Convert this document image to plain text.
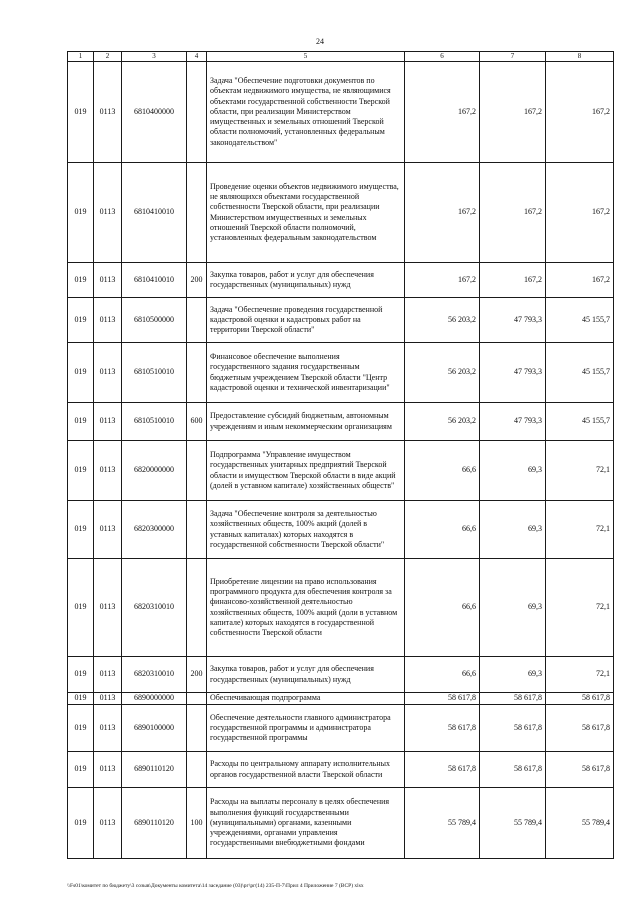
24
1	2	3	4	5	6	7	8
019	0113	6810400000		Задача "Обеспечение подготовки документов по объектам недвижимого имущества, не являющимися объектами государственной собственности Тверской области, при реализации Министерством имущественных и земельных отношений Тверской области полномочий, установленных федеральным законодательством"	167,2	167,2	167,2
019	0113	6810410010		Проведение оценки объектов недвижимого имущества, не являющихся объектами государственной собственности Тверской области, при реализации Министерством имущественных и земельных отношений Тверской области полномочий, установленных федеральным законодательством	167,2	167,2	167,2
019	0113	6810410010	200	Закупка товаров, работ и услуг для обеспечения государственных (муниципальных) нужд	167,2	167,2	167,2
019	0113	6810500000		Задача "Обеспечение проведения государственной кадастровой оценки и кадастровых работ на территории Тверской области"	56 203,2	47 793,3	45 155,7
019	0113	6810510010		Финансовое обеспечение выполнения государственного задания государственным бюджетным учреждением Тверской области "Центр кадастровой оценки и технической инвентаризации"	56 203,2	47 793,3	45 155,7
019	0113	6810510010	600	Предоставление субсидий бюджетным, автономным учреждениям и иным некоммерческим организациям	56 203,2	47 793,3	45 155,7
019	0113	6820000000		Подпрограмма "Управление имуществом государственных унитарных предприятий Тверской области и имуществом Тверской области в виде акций (долей в уставном капитале) хозяйственных обществ"	66,6	69,3	72,1
019	0113	6820300000		Задача "Обеспечение контроля за деятельностью хозяйственных обществ, 100% акций (долей в уставных капиталах) которых находятся в государственной собственности Тверской области"	66,6	69,3	72,1
019	0113	6820310010		Приобретение лицензии на право использования программного продукта для обеспечения контроля за финансово-хозяйственной деятельностью хозяйственных обществ, 100% акций (доли в уставном капитале) которых находятся в государственной собственности Тверской области	66,6	69,3	72,1
019	0113	6820310010	200	Закупка товаров, работ и услуг для обеспечения государственных (муниципальных) нужд	66,6	69,3	72,1
019	0113	6890000000		Обеспечивающая подпрограмма	58 617,8	58 617,8	58 617,8
019	0113	6890100000		Обеспечение деятельности главного администратора государственной программы и администратора государственной программы	58 617,8	58 617,8	58 617,8
019	0113	6890110120		Расходы по центральному аппарату исполнительных органов государственной власти Тверской области	58 617,8	58 617,8	58 617,8
019	0113	6890110120	100	Расходы на выплаты персоналу в целях обеспечения выполнения функций государственными (муниципальными) органами, казенными учреждениями, органами управления государственными внебюджетными фондами	55 789,4	55 789,4	55 789,4
\\Fs01\комитет по бюджету\3 созыв\Документы комитета\14 заседание (03)\рг\рг(14) 235-П-7\Прил 4 Приложение 7 (ВСР) xlsx
